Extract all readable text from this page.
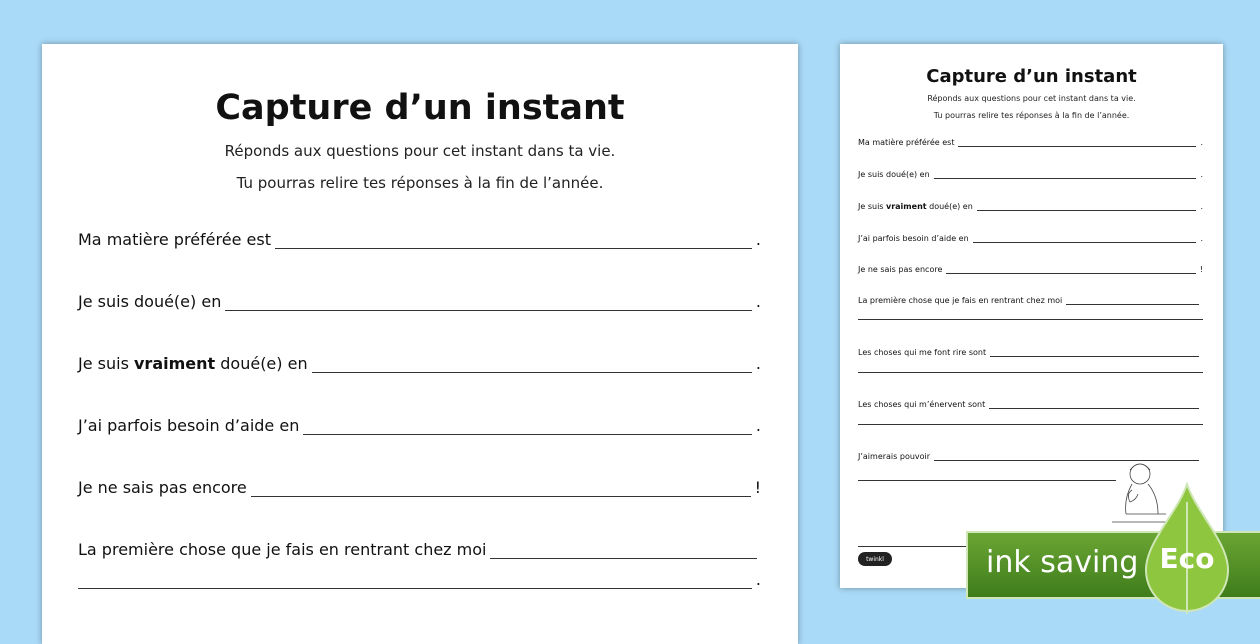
Capture d’un instant
Réponds aux questions pour cet instant dans ta vie.
Tu pourras relire tes réponses à la fin de l’année.
Ma matière préférée est	.
Je suis doué(e) en	.
Je suis vraiment doué(e) en	.
J’ai parfois besoin d’aide en	.
Je ne sais pas encore	!
La première chose que je fais en rentrant chez moi
.
Capture d’un instant
Réponds aux questions pour cet instant dans ta vie.
Tu pourras relire tes réponses à la fin de l’année.
Ma matière préférée est	.
Je suis doué(e) en	.
Je suis vraiment doué(e) en	.
J’ai parfois besoin d’aide en	.
Je ne sais pas encore	!
La première chose que je fais en rentrant chez moi
Les choses qui me font rire sont
Les choses qui m’énervent sont
J’aimerais pouvoir
twinkl	ink saving Eco
